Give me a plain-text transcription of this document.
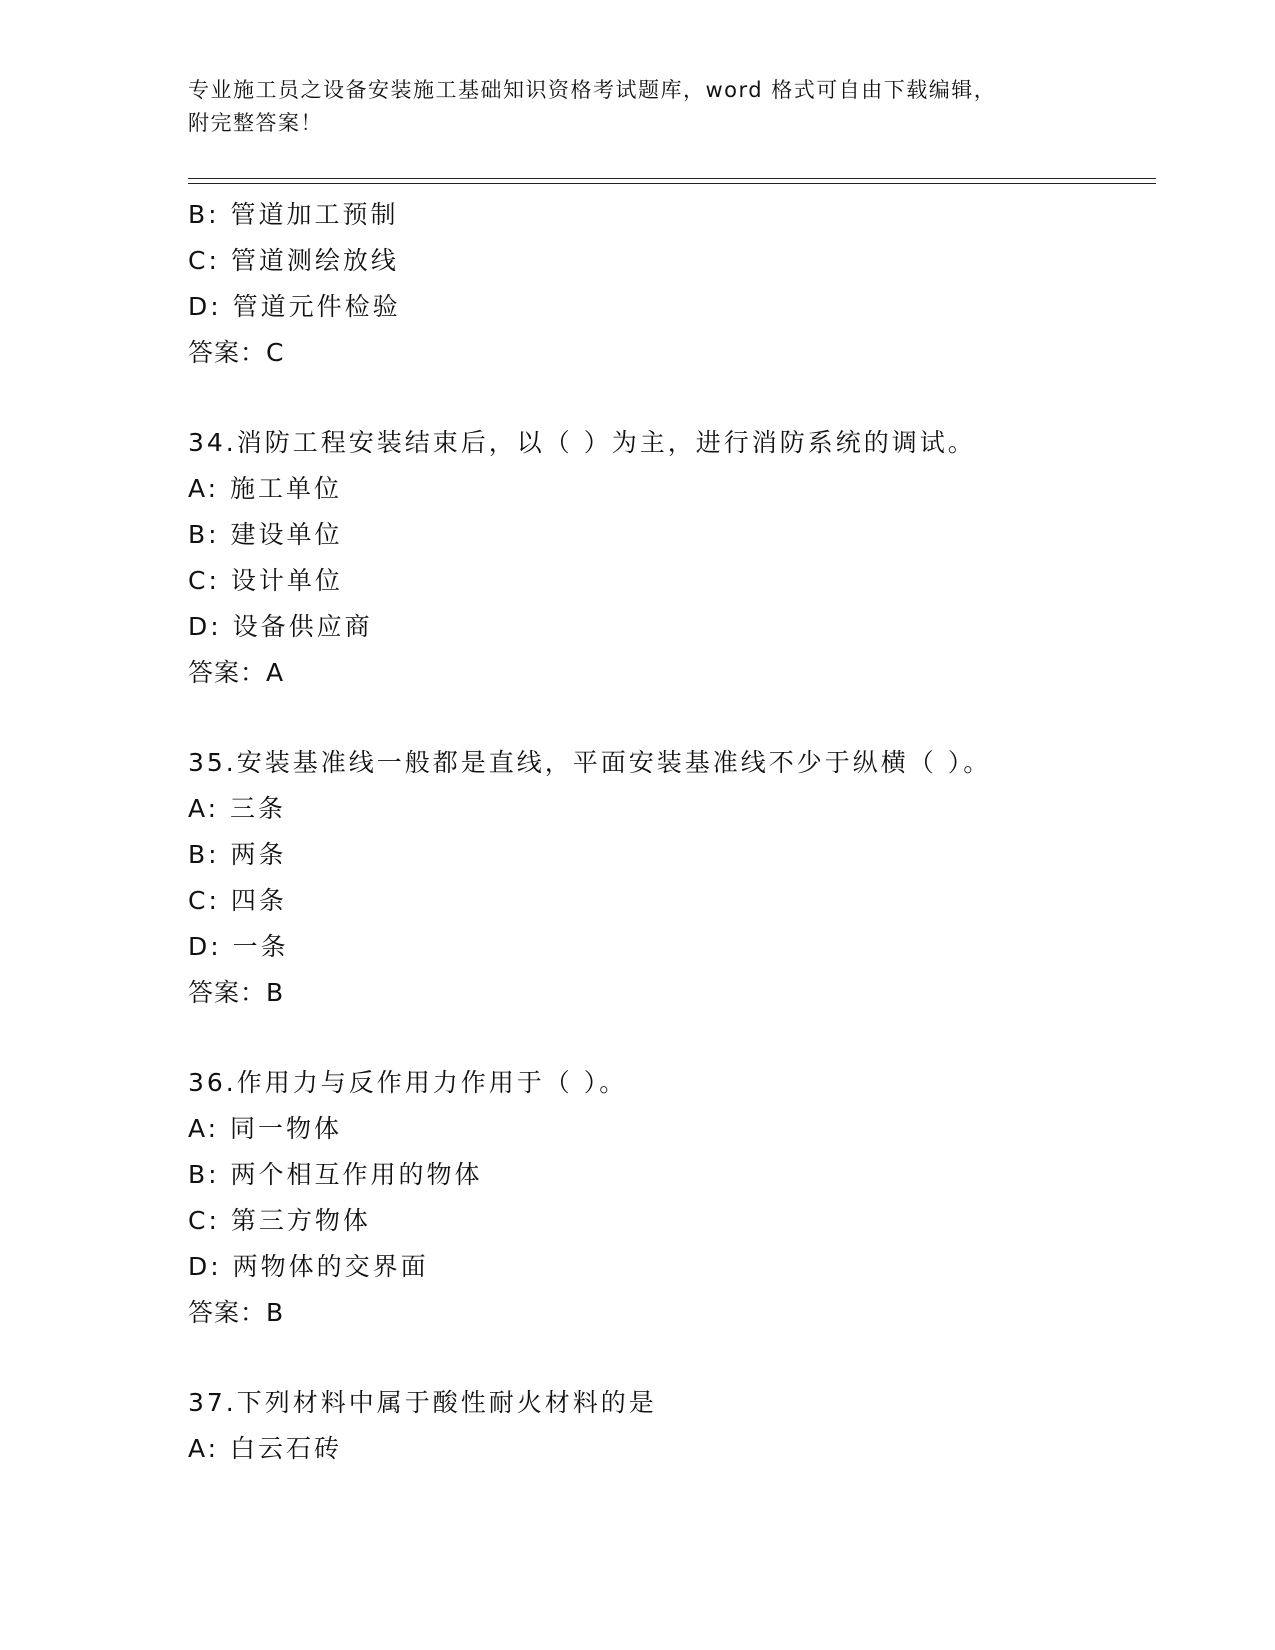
专业施工员之设备安装施工基础知识资格考试题库，word 格式可自由下载编辑，
附完整答案！
B: 管道加工预制
C: 管道测绘放线
D: 管道元件检验
答案：C
34.消防工程安装结束后，以（ ）为主，进行消防系统的调试。
A: 施工单位
B: 建设单位
C: 设计单位
D: 设备供应商
答案：A
35.安装基准线一般都是直线，平面安装基准线不少于纵横（ ）。
A: 三条
B: 两条
C: 四条
D: 一条
答案：B
36.作用力与反作用力作用于（ ）。
A: 同一物体
B: 两个相互作用的物体
C: 第三方物体
D: 两物体的交界面
答案：B
37.下列材料中属于酸性耐火材料的是
A: 白云石砖
